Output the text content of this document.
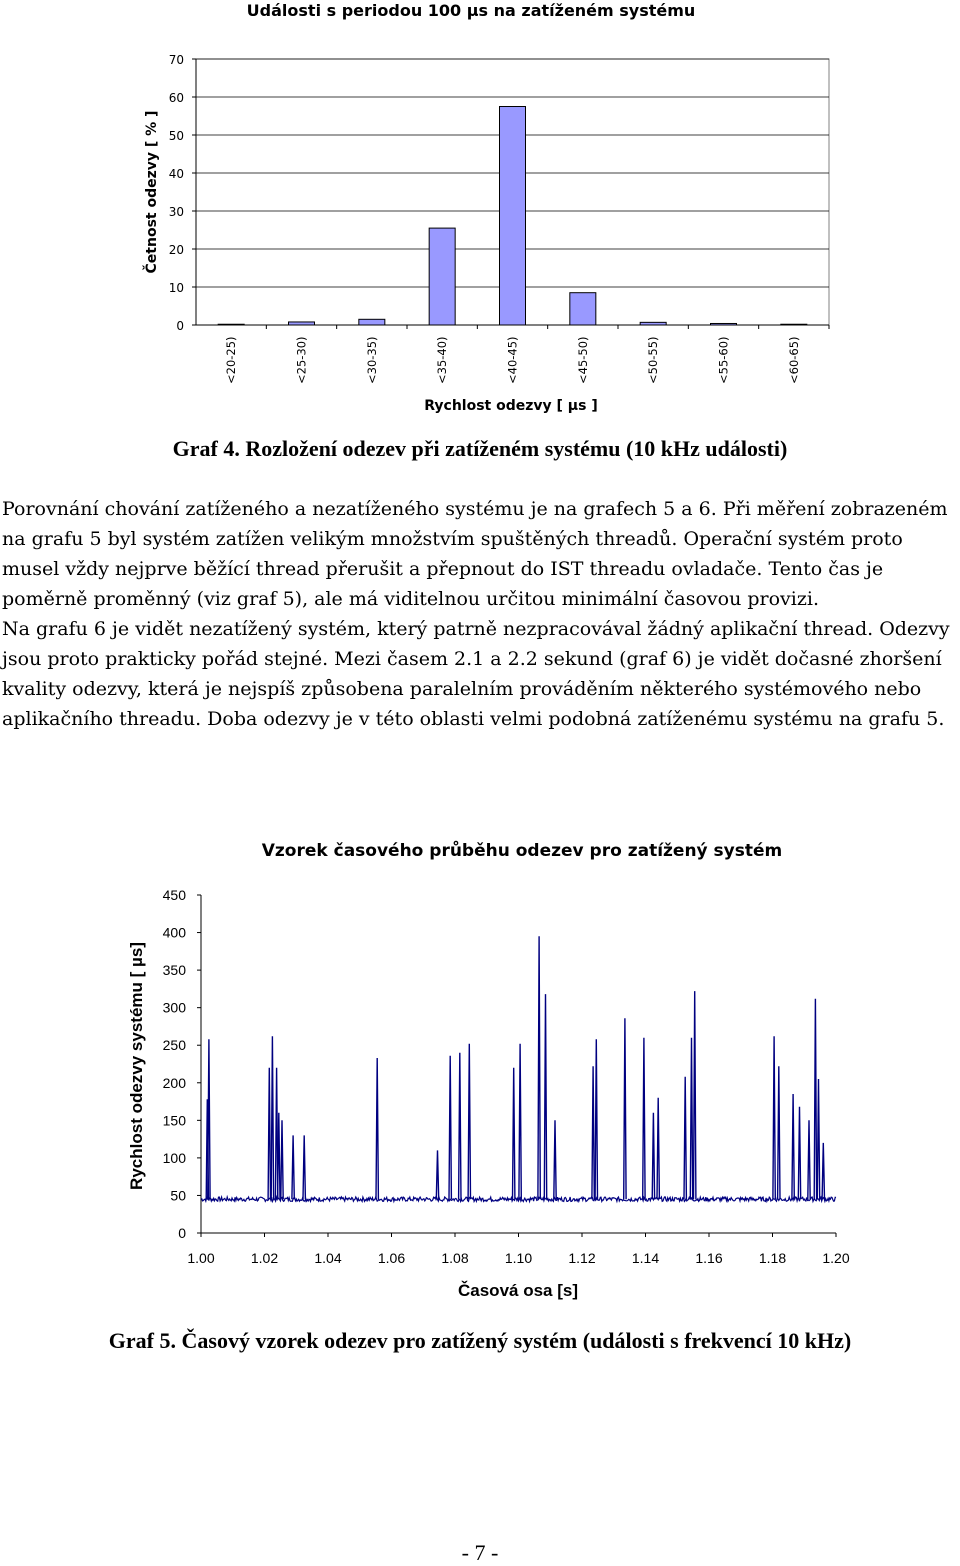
Události s periodou 100 µs na zatíženém systému
0
10
20
30
40
50
60
70
<20-25)	<25-30)	<30-35)	<35-40)	<40-45)	<45-50)	<50-55)	<55-60)	<60-65)
Četnost odezvy [ % ]
Rychlost odezvy [ µs ]
Vzorek časového průběhu odezev pro zatížený systém
0
50
100
150
200
250
300
350
400
450
1.00	1.02	1.04	1.06	1.08	1.10	1.12	1.14	1.16	1.18	1.20
Rychlost odezvy systému [ µs]
Časová osa [s]
Graf 4. Rozložení odezev při zatíženém systému (10 kHz události)

Porovnání chování zatíženého a nezatíženého systému je na grafech 5 a 6. Při měření zobrazeném na grafu 5 byl systém zatížen velikým množstvím spuštěných threadů. Operační systém proto musel vždy nejprve běžící thread přerušit a přepnout do IST threadu ovladače. Tento čas je poměrně proměnný (viz graf 5), ale má viditelnou určitou minimální časovou provizi.

Na grafu 6 je vidět nezatížený systém, který patrně nezpracovával žádný aplikační thread. Odezvy jsou proto prakticky pořád stejné. Mezi časem 2.1 a 2.2 sekund (graf 6) je vidět dočasné zhoršení kvality odezvy, která je nejspíš způsobena paralelním prováděním některého systémového nebo aplikačního threadu. Doba odezvy je v této oblasti velmi podobná zatíženému systému na grafu 5.

Graf 5. Časový vzorek odezev pro zatížený systém (události s frekvencí 10 kHz)
- 7 -
